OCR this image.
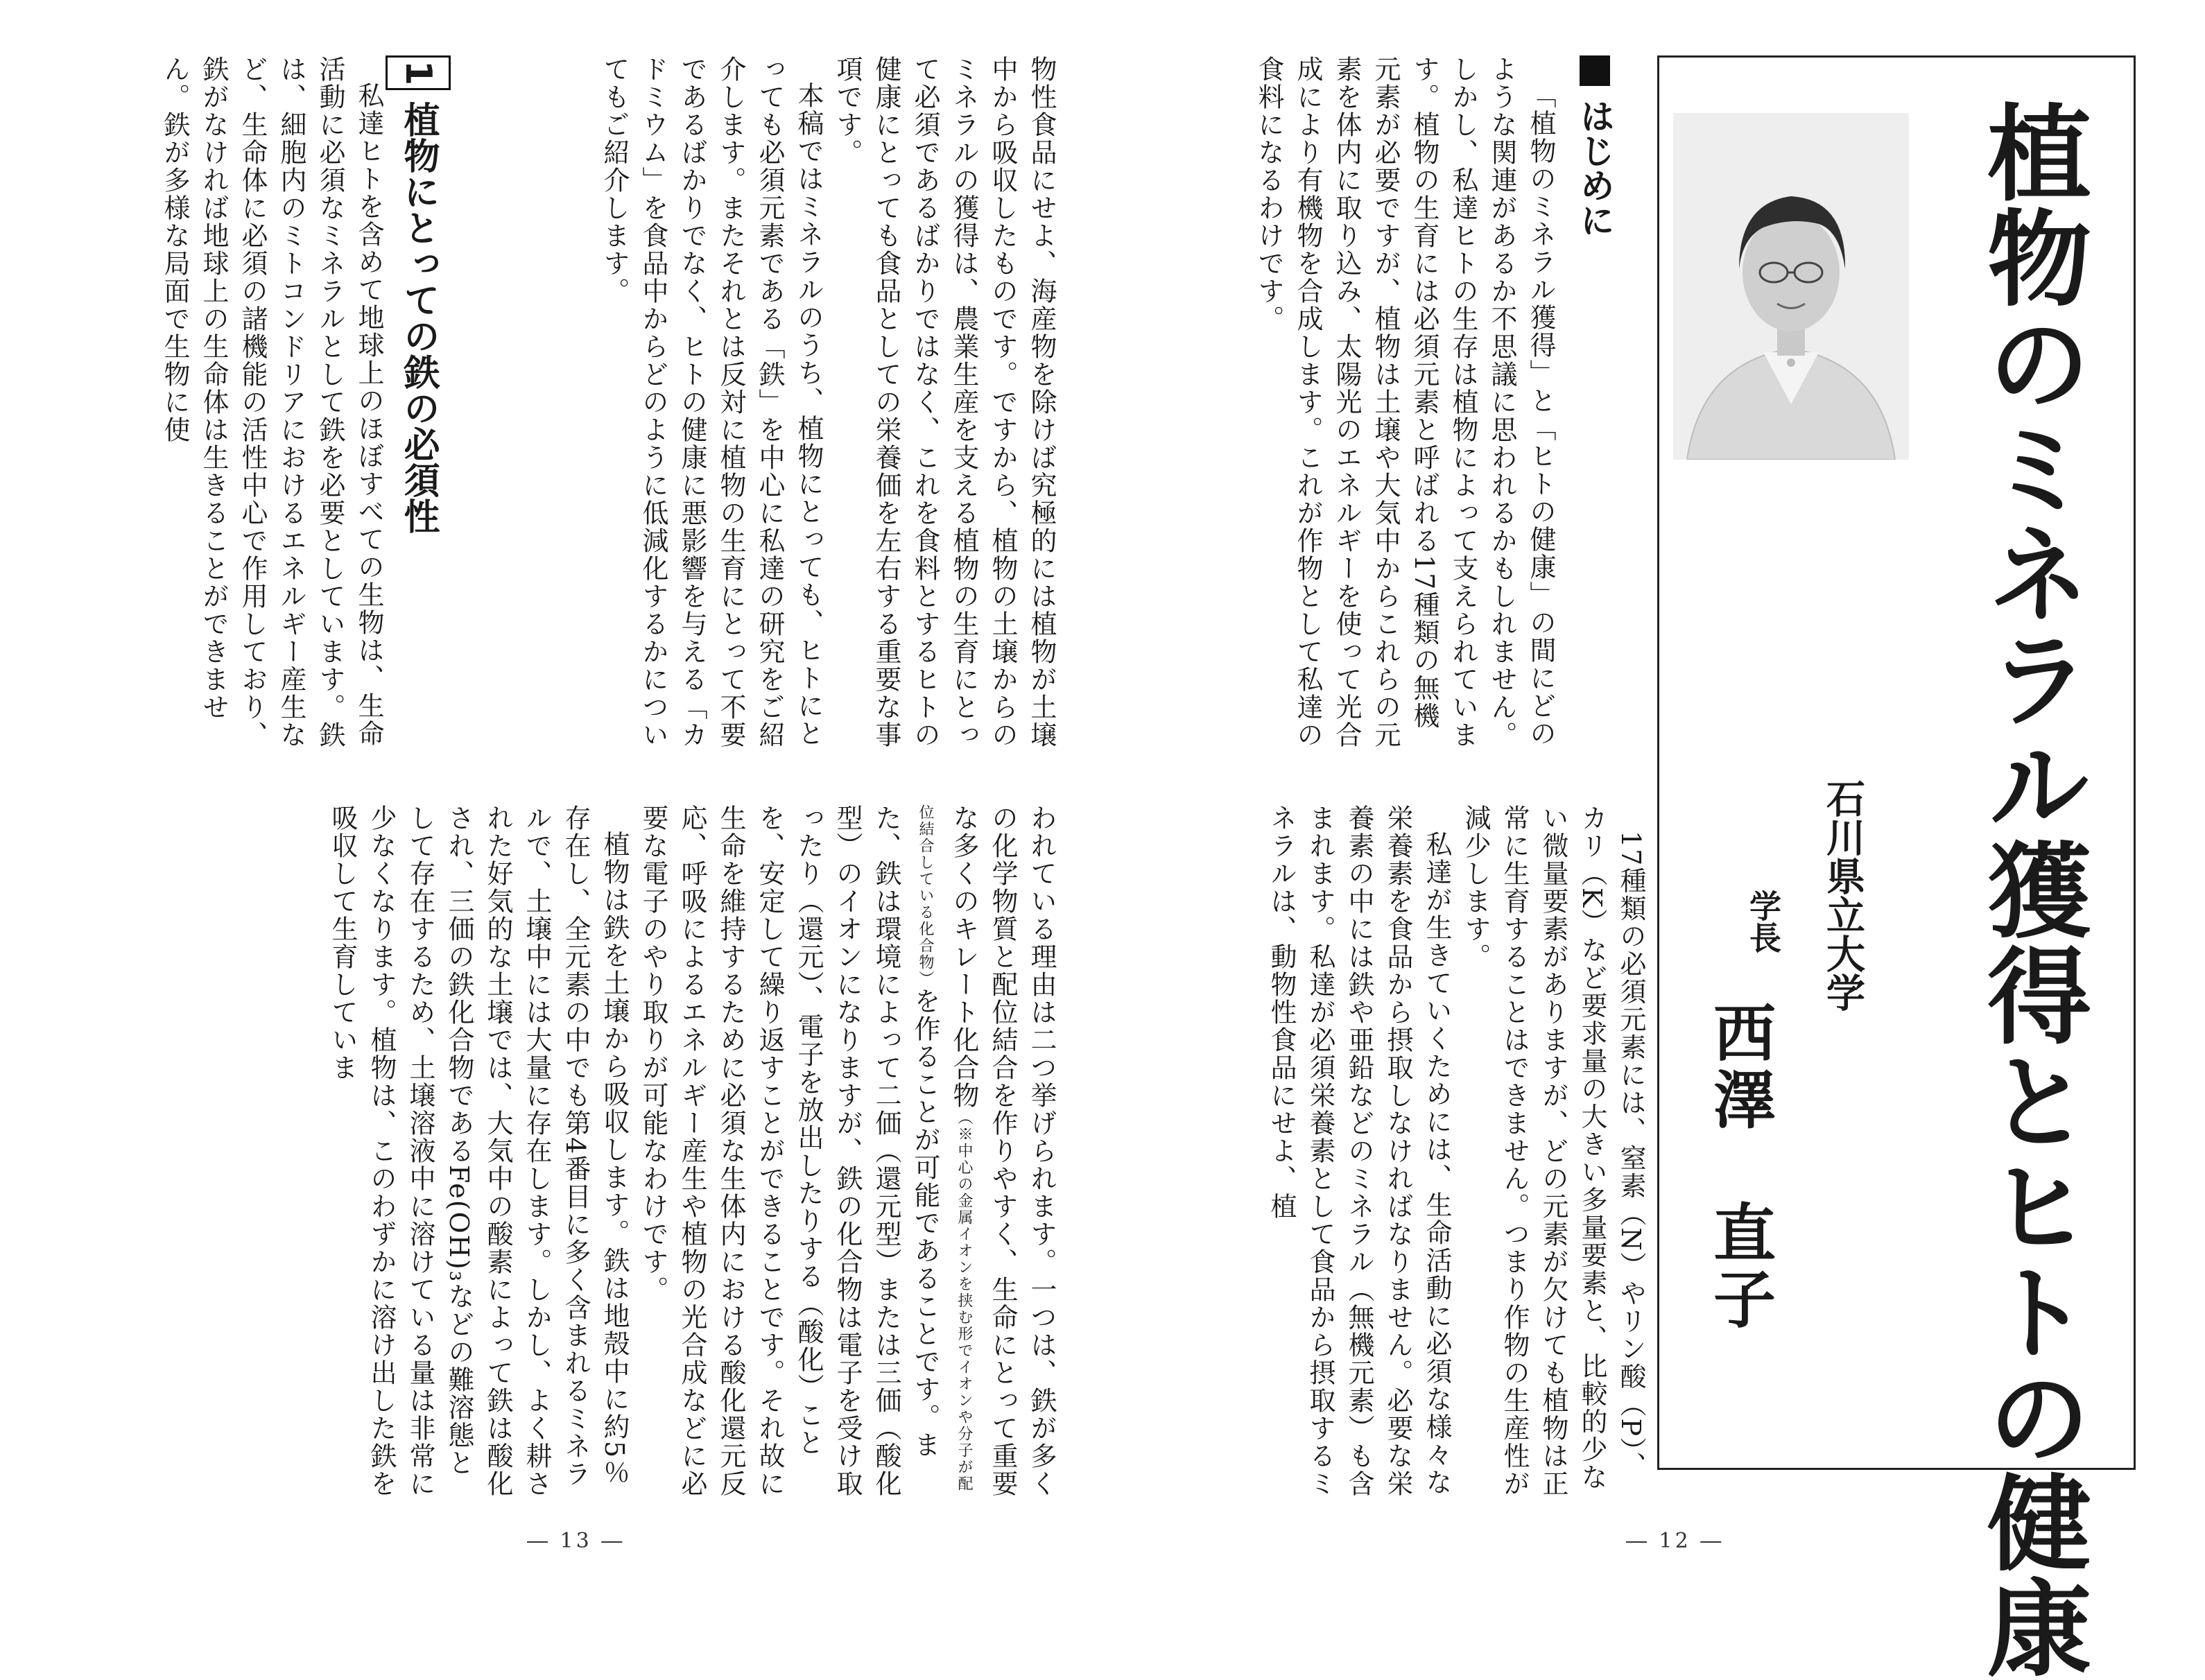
植物のミネラル獲得とヒトの健康

石川県立大学

学長
西澤　直子
はじめに

「植物のミネラル獲得」と「ヒトの健康」の間にどのような関連があるか不思議に思われるかもしれません。しかし、私達ヒトの生存は植物によって支えられています。植物の生育には必須元素と呼ばれる17種類の無機元素が必要ですが、植物は土壌や大気中からこれらの元素を体内に取り込み、太陽光のエネルギーを使って光合成により有機物を合成します。これが作物として私達の食料になるわけです。

17種類の必須元素には、窒素（N）やリン酸（P）、カリ（K）など要求量の大きい多量要素と、比較的少ない微量要素がありますが、どの元素が欠けても植物は正常に生育することはできません。つまり作物の生産性が減少します。

私達が生きていくためには、生命活動に必須な様々な栄養素を食品から摂取しなければなりません。必要な栄養素の中には鉄や亜鉛などのミネラル（無機元素）も含まれます。私達が必須栄養素として食品から摂取するミネラルは、動物性食品にせよ、植

― 12 ―

物性食品にせよ、海産物を除けば究極的には植物が土壌中から吸収したものです。ですから、植物の土壌からのミネラルの獲得は、農業生産を支える植物の生育にとって必須であるばかりではなく、これを食料とするヒトの健康にとっても食品としての栄養価を左右する重要な事項です。

本稿ではミネラルのうち、植物にとっても、ヒトにとっても必須元素である「鉄」を中心に私達の研究をご紹介します。またそれとは反対に植物の生育にとって不要であるばかりでなく、ヒトの健康に悪影響を与える「カドミウム」を食品中からどのように低減化するかについてもご紹介します。

1植物にとっての鉄の必須性

私達ヒトを含めて地球上のほぼすべての生物は、生命活動に必須なミネラルとして鉄を必要としています。鉄は、細胞内のミトコンドリアにおけるエネルギー産生など、生命体に必須の諸機能の活性中心で作用しており、鉄がなければ地球上の生命体は生きることができません。鉄が多様な局面で生物に使

われている理由は二つ挙げられます。一つは、鉄が多くの化学物質と配位結合を作りやすく、生命にとって重要な多くのキレート化合物（※中心の金属イオンを挟む形でイオンや分子が配位結合している化合物）を作ることが可能であることです。また、鉄は環境によって二価（還元型）または三価（酸化型）のイオンになりますが、鉄の化合物は電子を受け取ったり（還元）、電子を放出したりする（酸化）ことを、安定して繰り返すことができることです。それ故に生命を維持するために必須な生体内における酸化還元反応、呼吸によるエネルギー産生や植物の光合成などに必要な電子のやり取りが可能なわけです。

植物は鉄を土壌から吸収します。鉄は地殻中に約5％存在し、全元素の中でも第4番目に多く含まれるミネラルで、土壌中には大量に存在します。しかし、よく耕された好気的な土壌では、大気中の酸素によって鉄は酸化され、三価の鉄化合物であるFe(OH)₃などの難溶態として存在するため、土壌溶液中に溶けている量は非常に少なくなります。植物は、このわずかに溶け出した鉄を吸収して生育していま

― 13 ―
